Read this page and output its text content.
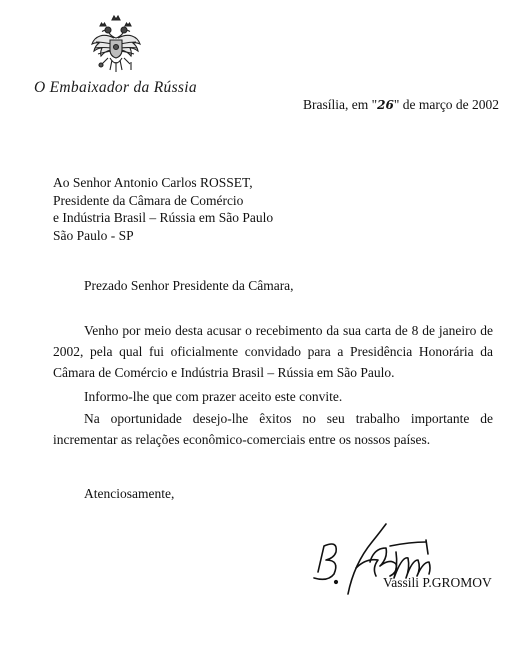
O Embaixador da Rússia
Brasília, em "26" de março de 2002
Ao Senhor Antonio Carlos ROSSET,
Presidente da Câmara de Comércio
e Indústria Brasil – Rússia em São Paulo
São Paulo - SP
Prezado Senhor Presidente da Câmara,
Venho por meio desta acusar o recebimento da sua carta de 8 de janeiro de 2002, pela qual fui oficialmente convidado para a Presidência Honorária da Câmara de Comércio e Indústria Brasil – Rússia em São Paulo.
Informo-lhe que com prazer aceito este convite.
Na oportunidade desejo-lhe êxitos no seu trabalho importante de incrementar as relações econômico-comerciais entre os nossos países.
Atenciosamente,
Vassili P.GROMOV
